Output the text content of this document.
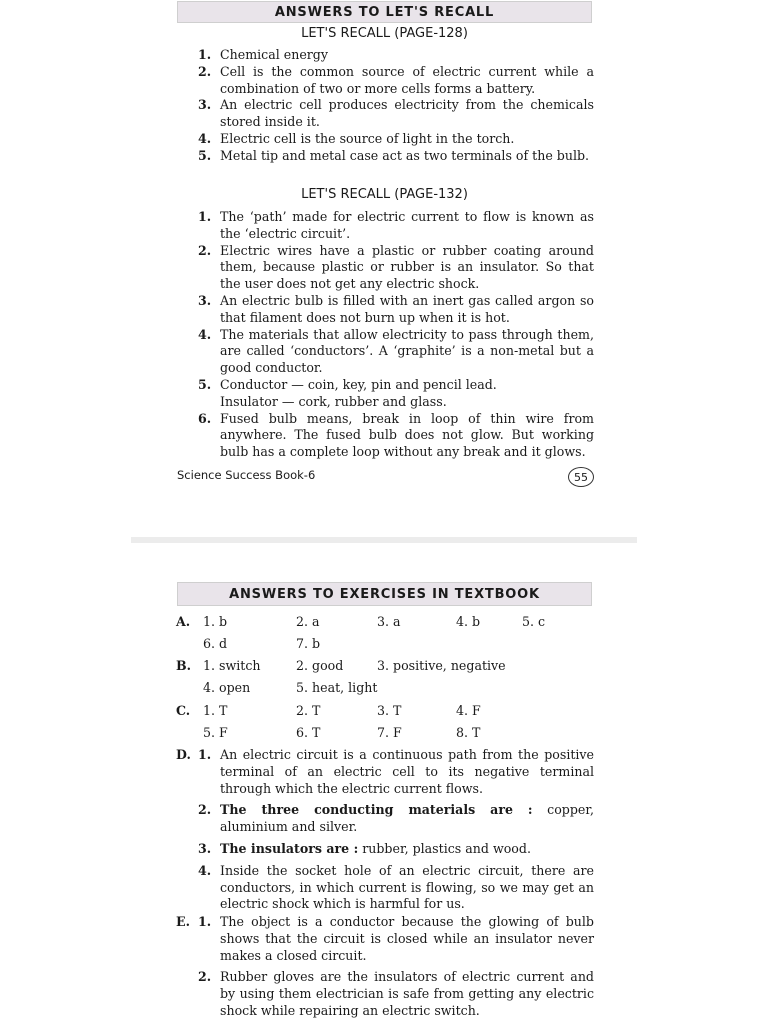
ANSWERS TO LET'S RECALL
LET'S RECALL (PAGE-128)
1. Chemical energy
2. Cell is the common source of electric current while a combination of two or more cells forms a battery.
3. An electric cell produces electricity from the chemicals stored inside it.
4. Electric cell is the source of light in the torch.
5. Metal tip and metal case act as two terminals of the bulb.
LET'S RECALL (PAGE-132)
1. The ‘path’ made for electric current to flow is known as the ‘electric circuit’.
2. Electric wires have a plastic or rubber coating around them, because plastic or rubber is an insulator. So that the user does not get any electric shock.
3. An electric bulb is filled with an inert gas called argon so that filament does not burn up when it is hot.
4. The materials that allow electricity to pass through them, are called ‘conductors’. A ‘graphite’ is a non-metal but a good conductor.
5. Conductor — coin, key, pin and pencil lead.
Insulator — cork, rubber and glass.
6. Fused bulb means, break in loop of thin wire from anywhere. The fused bulb does not glow. But working bulb has a complete loop without any break and it glows.
Science Success Book-6	55
ANSWERS TO EXERCISES IN TEXTBOOK
A. 1. b	2. a	3. a	4. b	5. c
6. d	7. b
B. 1. switch	2. good	3. positive, negative
4. open	5. heat, light
C. 1. T	2. T	3. T	4. F
5. F	6. T	7. F	8. T
D. 1. An electric circuit is a continuous path from the positive terminal of an electric cell to its negative terminal through which the electric current flows.
2. The three conducting materials are : copper, aluminium and silver.
3. The insulators are : rubber, plastics and wood.
4. Inside the socket hole of an electric circuit, there are conductors, in which current is flowing, so we may get an electric shock which is harmful for us.
E. 1. The object is a conductor because the glowing of bulb shows that the circuit is closed while an insulator never makes a closed circuit.
2. Rubber gloves are the insulators of electric current and by using them electrician is safe from getting any electric shock while repairing an electric switch.
